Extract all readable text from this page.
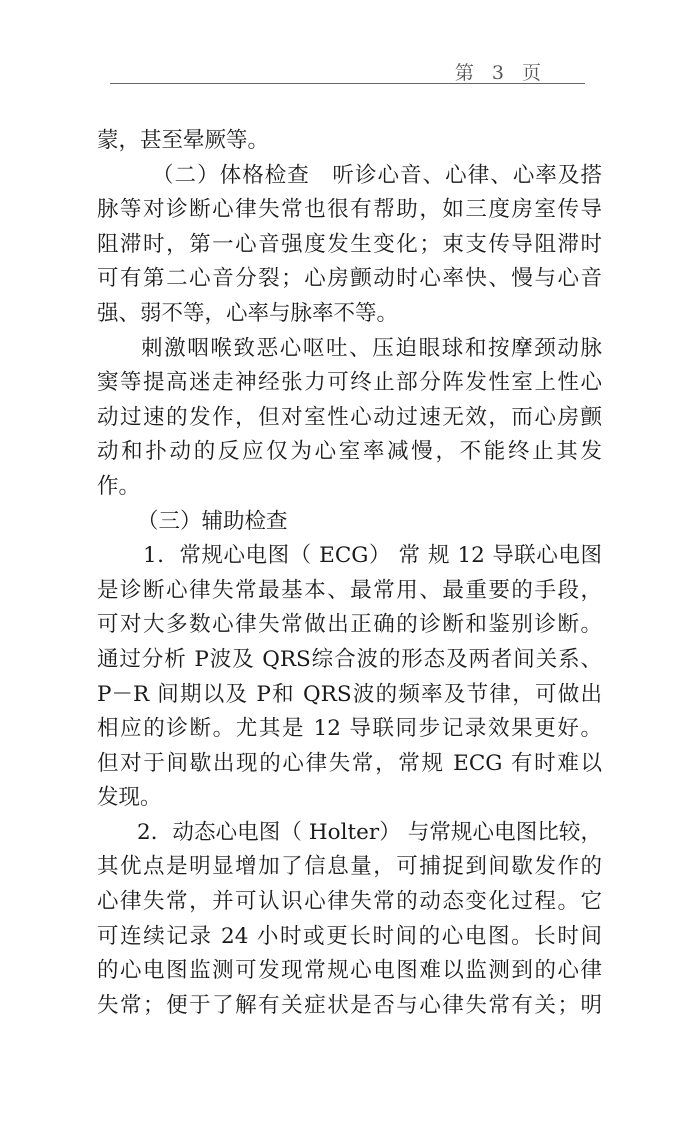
第 3 页
蒙，甚至晕厥等。
（二）体格检查　听诊心音、心律、心率及搭
脉等对诊断心律失常也很有帮助，如三度房室传导
阻滞时，第一心音强度发生变化；束支传导阻滞时
可有第二心音分裂；心房颤动时心率快、慢与心音
强、弱不等，心率与脉率不等。
刺激咽喉致恶心呕吐、压迫眼球和按摩颈动脉
窦等提高迷走神经张力可终止部分阵发性室上性心
动过速的发作，但对室性心动过速无效，而心房颤
动和扑动的反应仅为心室率减慢，不能终止其发
作。
（三）辅助检查
1．常规心电图（ ECG） 常 规 12 导联心电图
是诊断心律失常最基本、最常用、最重要的手段，
可对大多数心律失常做出正确的诊断和鉴别诊断。
通过分析 P波及 QRS综合波的形态及两者间关系、
P－R 间期以及 P和 QRS波的频率及节律，可做出
相应的诊断。尤其是 12 导联同步记录效果更好。
但对于间歇出现的心律失常，常规 ECG 有时难以
发现。
2．动态心电图（ Holter） 与常规心电图比较，
其优点是明显增加了信息量，可捕捉到间歇发作的
心律失常，并可认识心律失常的动态变化过程。它
可连续记录 24 小时或更长时间的心电图。长时间
的心电图监测可发现常规心电图难以监测到的心律
失常；便于了解有关症状是否与心律失常有关；明
